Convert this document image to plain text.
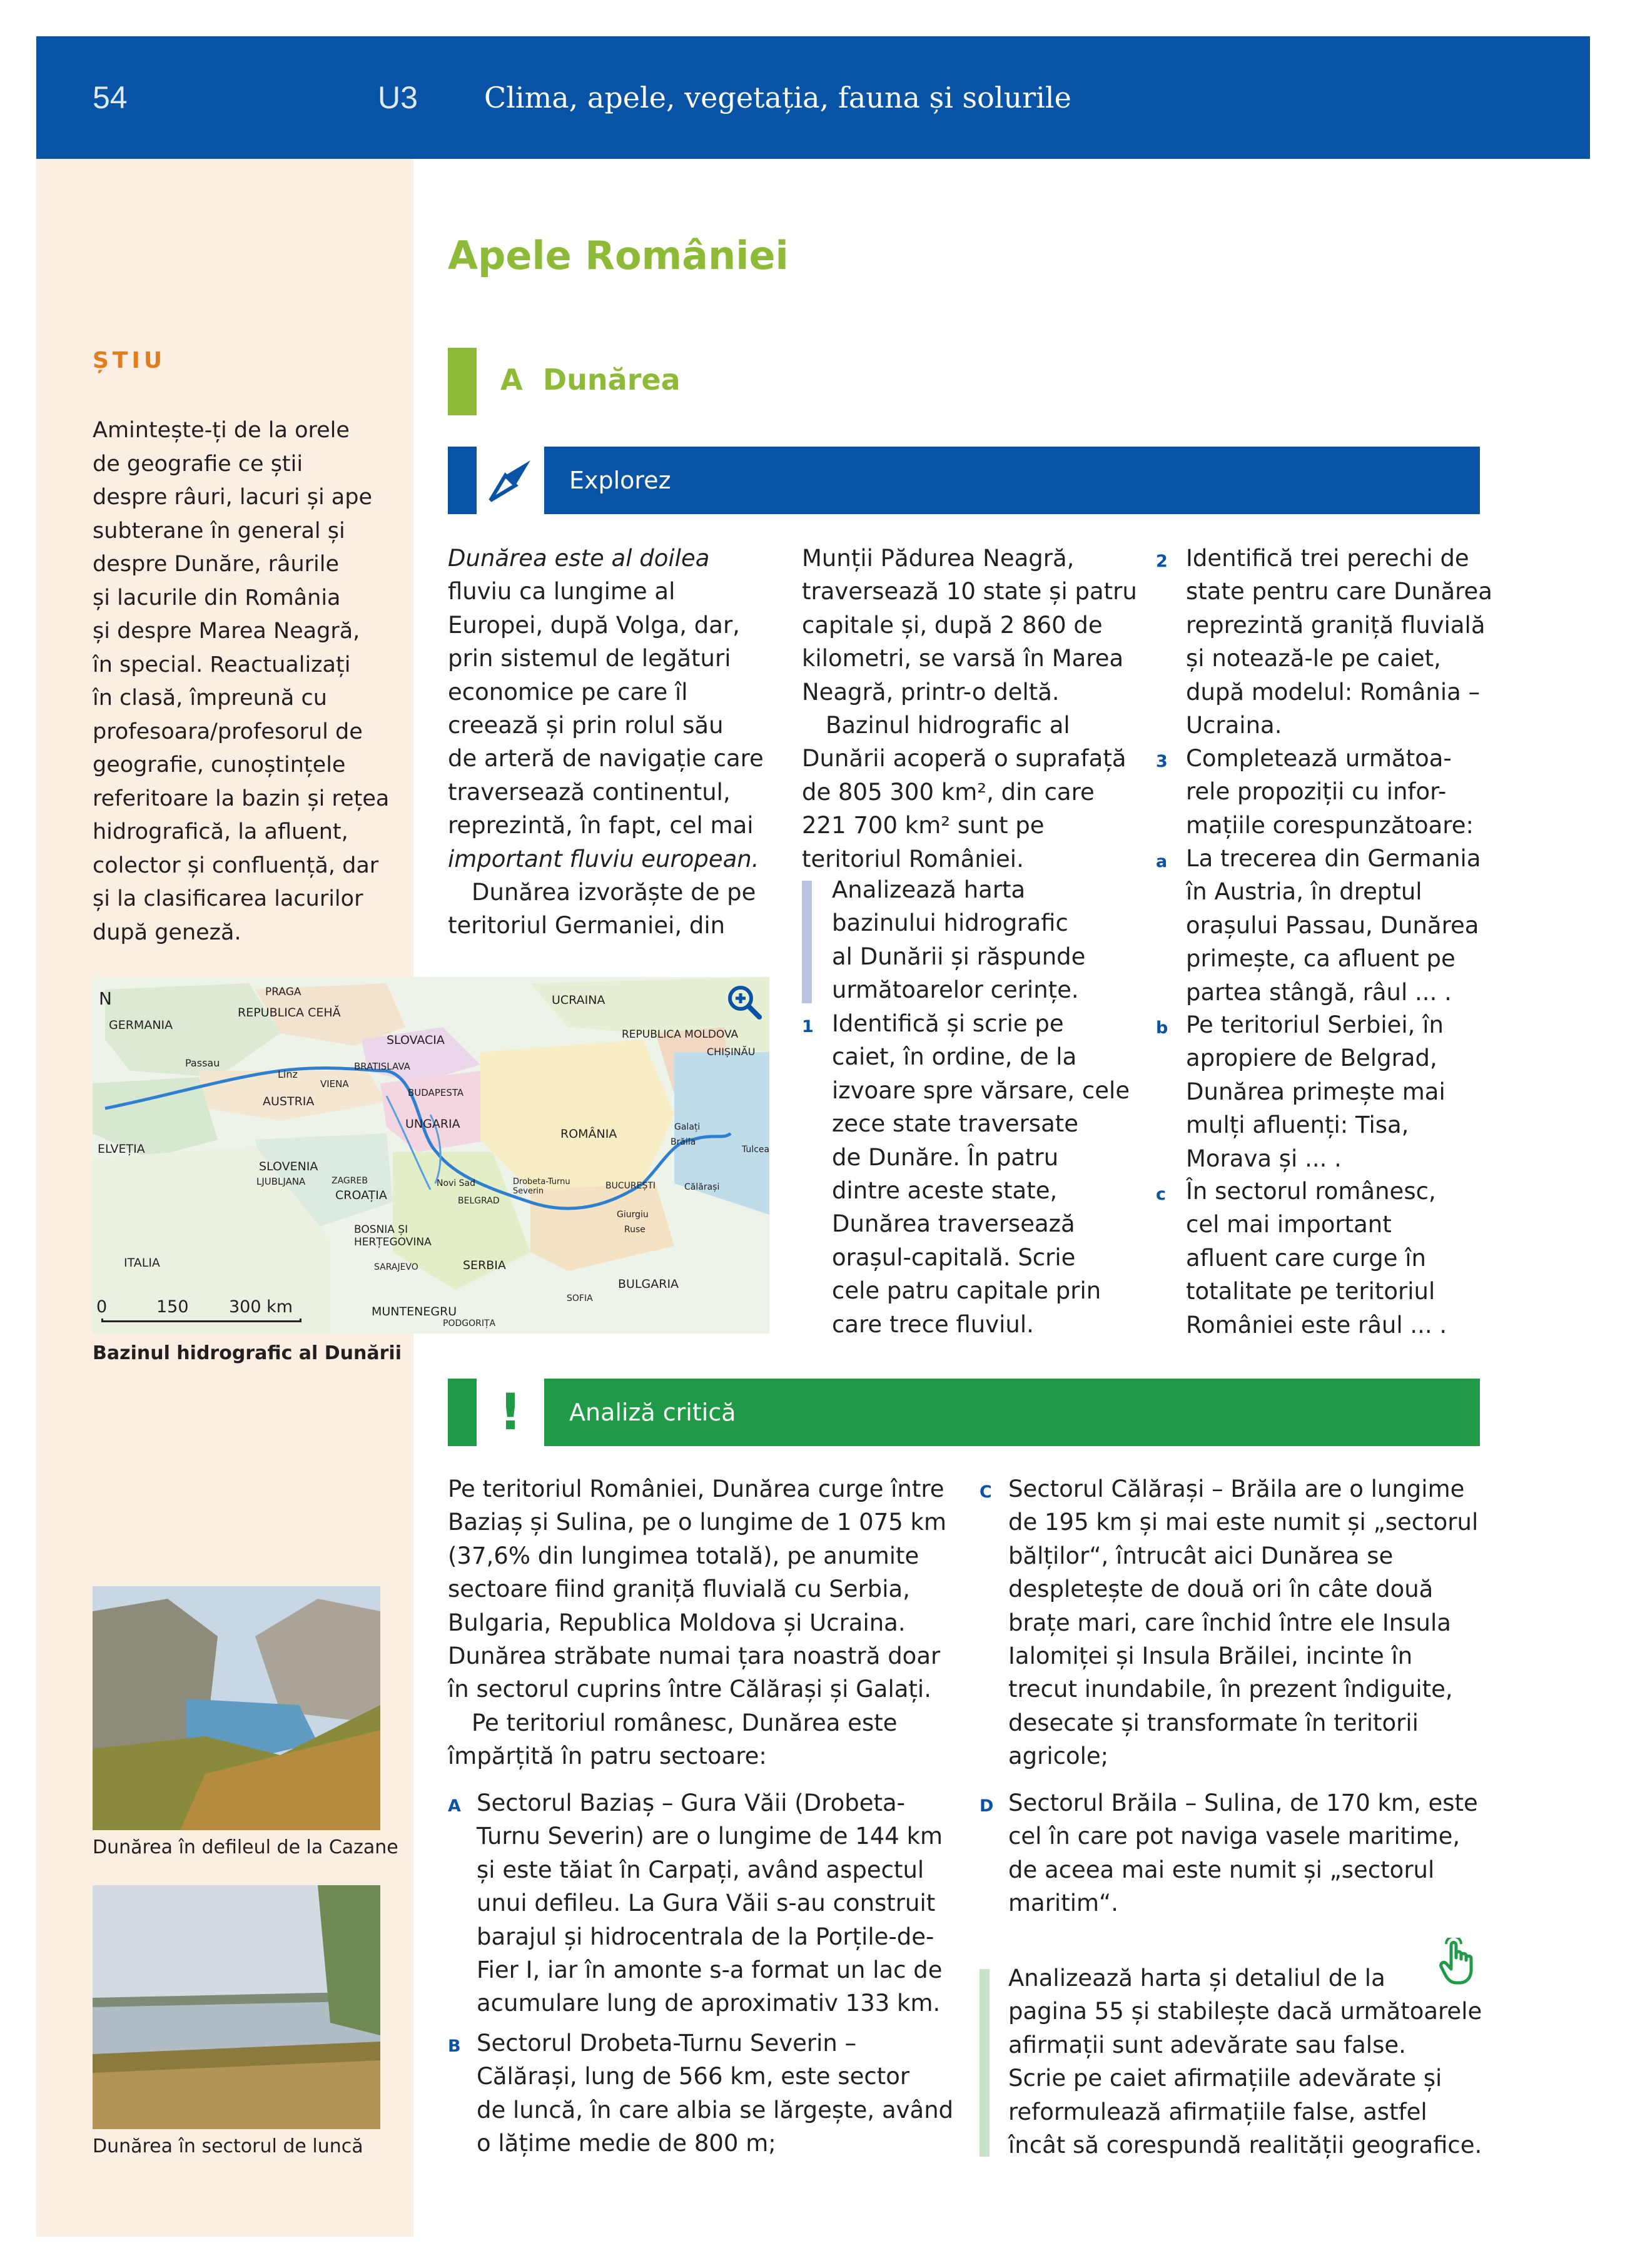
54	U3 Clima, apele, vegetația, fauna și solurile
ȘTIU

Amintește-ți de la orele

de geografie ce știi

despre râuri, lacuri și ape

subterane în general și

despre Dunăre, râurile

și lacurile din România

și despre Marea Neagră,

în special. Reactualizați

în clasă, împreună cu

profesoara/profesorul de

geografie, cunoștințele

referitoare la bazin și rețea

hidrografică, la afluent,

colector și confluență, dar

și la clasificarea lacurilor

după geneză.

Apele României
A Dunărea
Explorez

Dunărea este al doilea

fluviu ca lungime al

Europei, după Volga, dar,

prin sistemul de legături

economice pe care îl

creează și prin rolul său

de arteră de navigație care

traversează continentul,

reprezintă, în fapt, cel mai

important fluviu european.

Dunărea izvorăște de pe

teritoriul Germaniei, din

Munții Pădurea Neagră,

traversează 10 state și patru

capitale și, după 2 860 de

kilometri, se varsă în Marea

Neagră, printr-o deltă.

Bazinul hidrografic al

Dunării acoperă o suprafață

de 805 300 km², din care

221 700 km² sunt pe

teritoriul României.

Analizează harta

bazinului hidrografic

al Dunării și răspunde

următoarelor cerințe.

1 Identifică și scrie pe

caiet, în ordine, de la

izvoare spre vărsare, cele

zece state traversate

de Dunăre. În patru

dintre aceste state,

Dunărea traversează

orașul-capitală. Scrie

cele patru capitale prin

care trece fluviul.

2 Identifică trei perechi de

state pentru care Dunărea

reprezintă graniță fluvială

și notează-le pe caiet,

după modelul: România –

Ucraina.

3 Completează următoa-

rele propoziții cu infor-

mațiile corespunzătoare:

a La trecerea din Germania

în Austria, în dreptul

orașului Passau, Dunărea

primește, ca afluent pe

partea stângă, râul ... .

b Pe teritoriul Serbiei, în

apropiere de Belgrad,

Dunărea primește mai

mulți afluenți: Tisa,

Morava și ... .

c În sectorul românesc,

cel mai important

afluent care curge în

totalitate pe teritoriul

României este râul ... .

N	PRAGA
REPUBLICA CEHĂ
GERMANIA
SLOVACIA
UCRAINA
REPUBLICA MOLDOVA
CHIȘINĂU
Passau
Linz
VIENA
BRATISLAVA
AUSTRIA
BUDAPESTA
UNGARIA
ROMÂNIA	Galați
Brăila
Tulcea
ELVEȚIA
SLOVENIA
LJUBLJANA	ZAGREB
CROAȚIA
Novi Sad
BELGRAD
Drobeta-Turnu Severin
BUCUREȘTI	Călărași
Giurgiu
Ruse
BOSNIA ȘI HERȚEGOVINA
SARAJEVO	SERBIA
ITALIA
BULGARIA
SOFIA
MUNTENEGRU
PODGORIȚA
0	150 300 km
Bazinul hidrografic al Dunării
Dunărea în defileul de la Cazane
Dunărea în sectorul de luncă
!	Analiză critică

Pe teritoriul României, Dunărea curge între

Baziaș și Sulina, pe o lungime de 1 075 km

(37,6% din lungimea totală), pe anumite

sectoare fiind graniță fluvială cu Serbia,

Bulgaria, Republica Moldova și Ucraina.

Dunărea străbate numai țara noastră doar

în sectorul cuprins între Călărași și Galați.

Pe teritoriul românesc, Dunărea este

împărțită în patru sectoare:

A Sectorul Baziaș – Gura Văii (Drobeta-

Turnu Severin) are o lungime de 144 km

și este tăiat în Carpați, având aspectul

unui defileu. La Gura Văii s-au construit

barajul și hidrocentrala de la Porțile-de-

Fier I, iar în amonte s-a format un lac de

acumulare lung de aproximativ 133 km.

B Sectorul Drobeta-Turnu Severin –

Călărași, lung de 566 km, este sector

de luncă, în care albia se lărgește, având

o lățime medie de 800 m;

C Sectorul Călărași – Brăila are o lungime

de 195 km și mai este numit și „sectorul

bălților“, întrucât aici Dunărea se

despletește de două ori în câte două

brațe mari, care închid între ele Insula

Ialomiței și Insula Brăilei, incinte în

trecut inundabile, în prezent îndiguite,

desecate și transformate în teritorii

agricole;

D Sectorul Brăila – Sulina, de 170 km, este

cel în care pot naviga vasele maritime,

de aceea mai este numit și „sectorul

maritim“.

Analizează harta și detaliul de la

pagina 55 și stabilește dacă următoarele

afirmații sunt adevărate sau false.

Scrie pe caiet afirmațiile adevărate și

reformulează afirmațiile false, astfel

încât să corespundă realității geografice.
